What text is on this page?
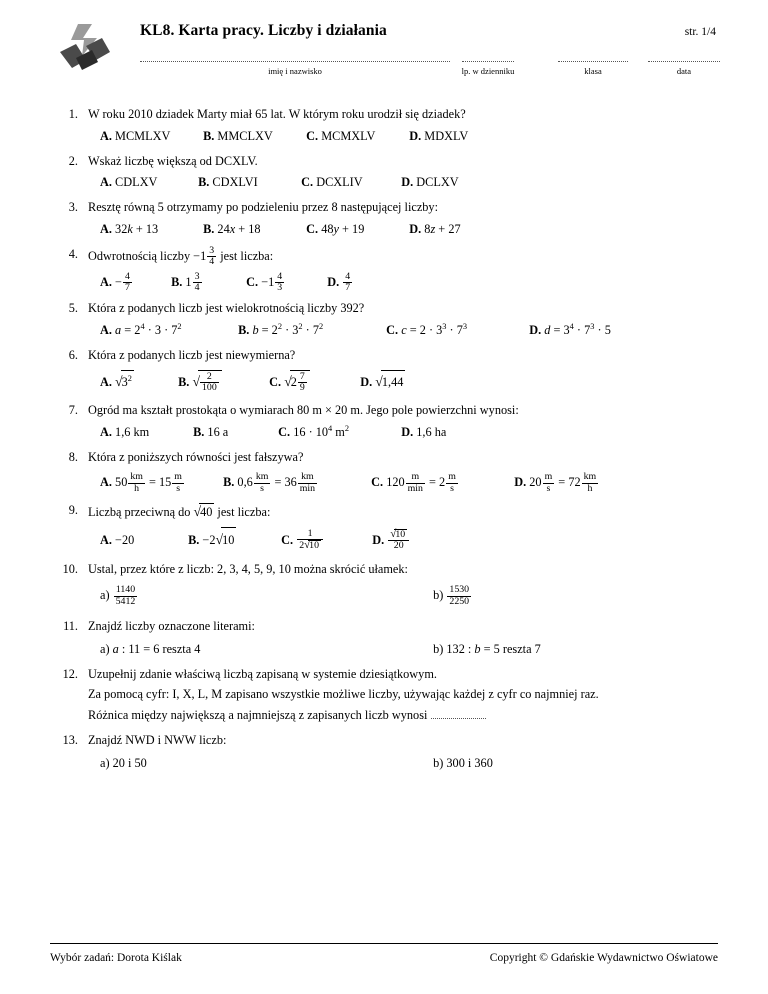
KL8. Karta pracy. Liczby i działania	str. 1/4
imię i nazwisko	lp. w dzienniku	klasa	data
1. W roku 2010 dziadek Marty miał 65 lat. W którym roku urodził się dziadek?
A. MCMLXV	B. MMCLXV	C. MCMXLV	D. MDXLV
2. Wskaż liczbę większą od DCXLV.
A. CDLXV	B. CDXLVI	C. DCXLIV	D. DCLXV
3. Resztę równą 5 otrzymamy po podzieleniu przez 8 następującej liczby:
A. 32k + 13	B. 24x + 18	C. 48y + 19	D. 8z + 27
4. Odwrotnością liczby $-1 \frac{3}{4}$ jest liczba:
A. − $\frac{4}{7}$	B. $1 \frac{3}{4}$	C. $-1 \frac{4}{3}$	D. $\frac{4}{7}$
5. Która z podanych liczb jest wielokrotnością liczby 392?
A. $a = 2^4 \cdot 3 \cdot 7^2$	B. $b = 2^2 \cdot 3^2 \cdot 7^2$	C. $c = 2 \cdot 3^3 \cdot 7^3$	D. $d = 3^4 \cdot 7^3 \cdot 5$
6. Która z podanych liczb jest niewymierna?
A. $√3^2$	B. √ $\frac{2}{100}$	C. $√2 \frac{7}{9}$	D. √1,44
7. Ogród ma kształt prostokąta o wymiarach 80 m × 20 m. Jego pole powierzchni wynosi:
A. 1,6 km	B. 16 a	C. $16 \cdot 10^4$ $m^2$	D. 1,6 ha
8. Która z poniższych równości jest fałszywa?
A. $50 \frac{km}{h} = 15 \frac{m}{s}$	B. $0,6 \frac{km}{s} = 36 \frac{km}{\min}$	C. $120 \frac{m}{\min} = 2 \frac{m}{s}$	D. $20 \frac{m}{s} = 72 \frac{km}{h}$
9. Liczbą przeciwną do √40 jest liczba:
A. −20	B. −2√10	C. $\frac{1}{2√10}$	D. $\frac{√10}{20}$
10. Ustal, przez które z liczb: 2, 3, 4, 5, 9, 10 można skrócić ułamek:
$a) \frac{1140}{5412}$	$b) \frac{1530}{2250}$
11. Znajdź liczby oznaczone literami:
a) a : 11 = 6 reszta 4	b) 132 : b = 5 reszta 7
12. Uzupełnij zdanie właściwą liczbą zapisaną w systemie dziesiątkowym.
Za pomocą cyfr: I, X, L, M zapisano wszystkie możliwe liczby, używając każdej z cyfr co najmniej raz.
Różnica między największą a najmniejszą z zapisanych liczb wynosi
13. Znajdź NWD i NWW liczb:
a) 20 i 50	b) 300 i 360
Wybór zadań: Dorota Kiślak	Copyright © Gdańskie Wydawnictwo Oświatowe
